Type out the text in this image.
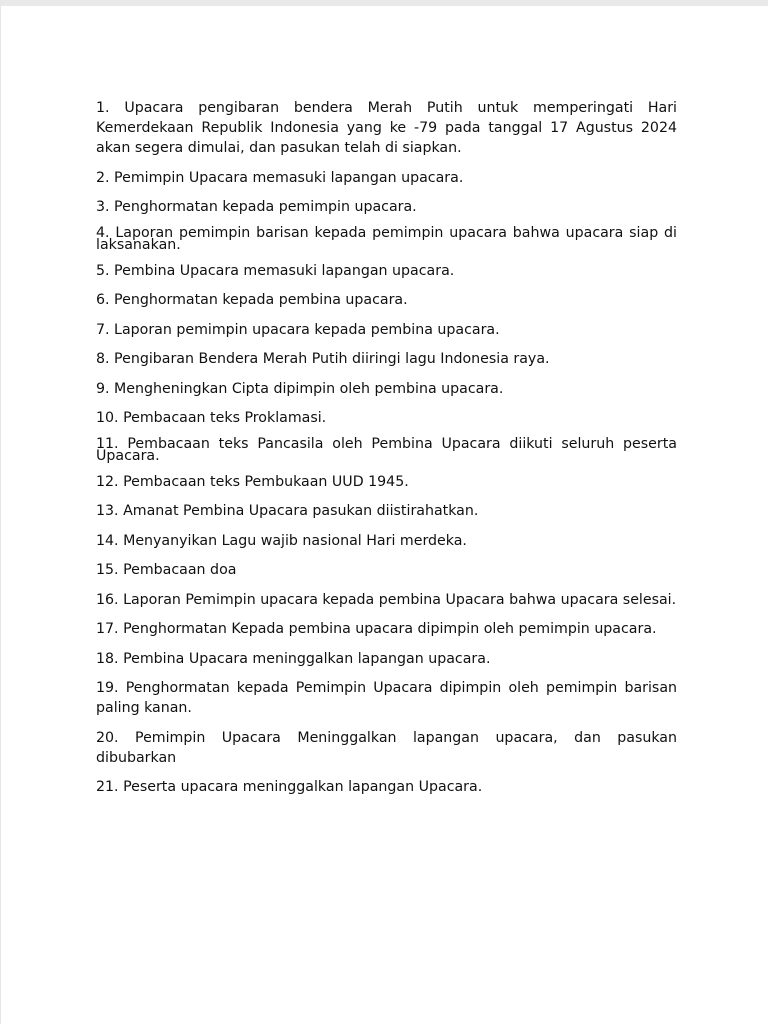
1. Upacara pengibaran bendera Merah Putih untuk memperingati Hari Kemerdekaan Republik Indonesia yang ke -79 pada tanggal 17 Agustus 2024 akan segera dimulai, dan pasukan telah di siapkan.

2. Pemimpin Upacara memasuki lapangan upacara.

3. Penghormatan kepada pemimpin upacara.

4. Laporan pemimpin barisan kepada pemimpin upacara bahwa upacara siap di laksanakan.

5. Pembina Upacara memasuki lapangan upacara.

6. Penghormatan kepada pembina upacara.

7. Laporan pemimpin upacara kepada pembina upacara.

8. Pengibaran Bendera Merah Putih diiringi lagu Indonesia raya.

9. Mengheningkan Cipta dipimpin oleh pembina upacara.

10. Pembacaan teks Proklamasi.

11. Pembacaan teks Pancasila oleh Pembina Upacara diikuti seluruh peserta Upacara.

12. Pembacaan teks Pembukaan UUD 1945.

13. Amanat Pembina Upacara pasukan diistirahatkan.

14. Menyanyikan Lagu wajib nasional Hari merdeka.

15. Pembacaan doa

16. Laporan Pemimpin upacara kepada pembina Upacara bahwa upacara selesai.

17. Penghormatan Kepada pembina upacara dipimpin oleh pemimpin upacara.

18. Pembina Upacara meninggalkan lapangan upacara.

19. Penghormatan kepada Pemimpin Upacara dipimpin oleh pemimpin barisan paling kanan.

20. Pemimpin Upacara Meninggalkan lapangan upacara, dan pasukan dibubarkan

21. Peserta upacara meninggalkan lapangan Upacara.
